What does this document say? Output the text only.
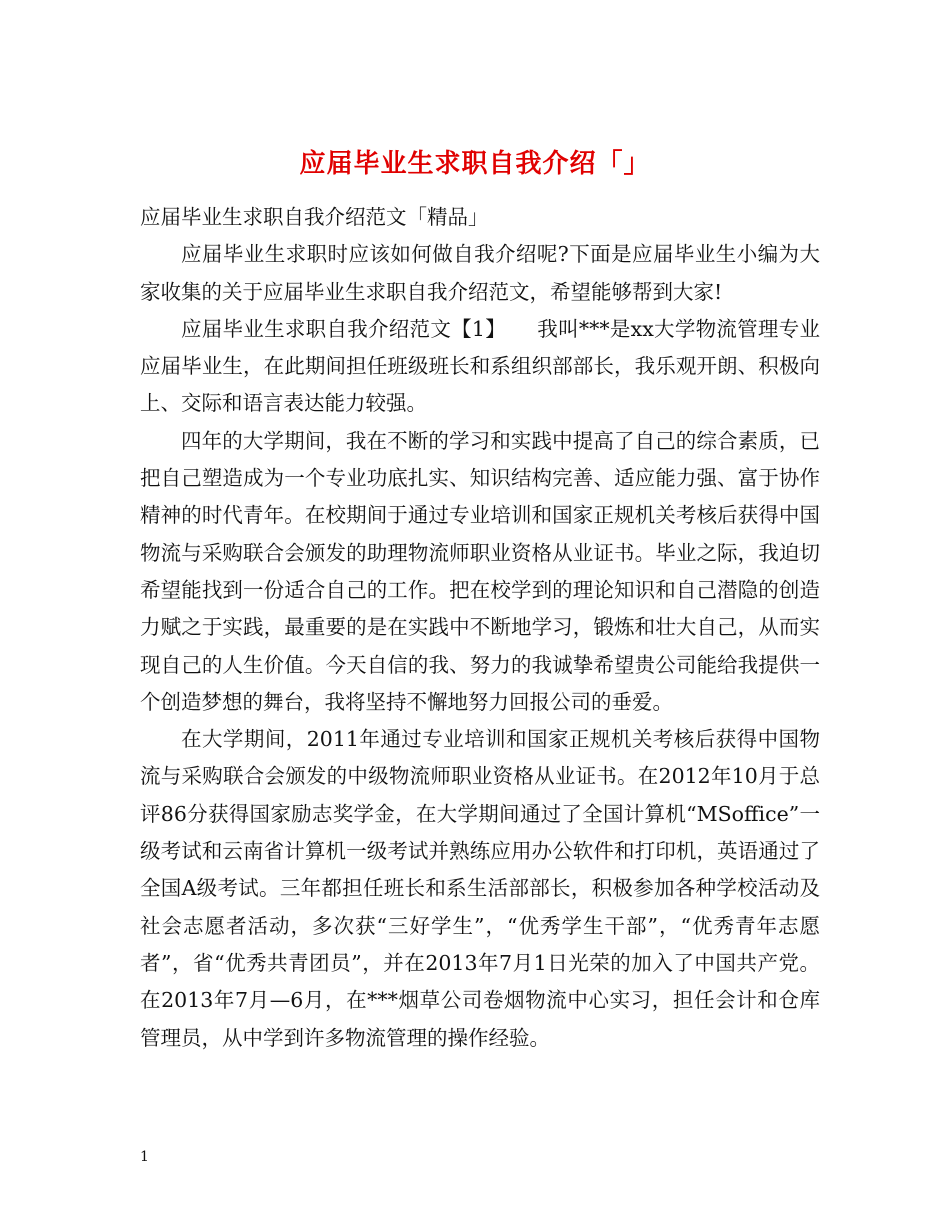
应届毕业生求职自我介绍「」

应届毕业生求职自我介绍范文「精品」

应届毕业生求职时应该如何做自我介绍呢?下面是应届毕业生小编为大家收集的关于应届毕业生求职自我介绍范文，希望能够帮到大家!

应届毕业生求职自我介绍范文【1】　　我叫***是xx大学物流管理专业应届毕业生，在此期间担任班级班长和系组织部部长，我乐观开朗、积极向上、交际和语言表达能力较强。

四年的大学期间，我在不断的学习和实践中提高了自己的综合素质，已把自己塑造成为一个专业功底扎实、知识结构完善、适应能力强、富于协作精神的时代青年。在校期间于通过专业培训和国家正规机关考核后获得中国物流与采购联合会颁发的助理物流师职业资格从业证书。毕业之际，我迫切希望能找到一份适合自己的工作。把在校学到的理论知识和自己潜隐的创造力赋之于实践，最重要的是在实践中不断地学习，锻炼和壮大自己，从而实现自己的人生价值。今天自信的我、努力的我诚挚希望贵公司能给我提供一个创造梦想的舞台，我将坚持不懈地努力回报公司的垂爱。

在大学期间，2011年通过专业培训和国家正规机关考核后获得中国物流与采购联合会颁发的中级物流师职业资格从业证书。在2012年10月于总评86分获得国家励志奖学金，在大学期间通过了全国计算机“MSoffice”一级考试和云南省计算机一级考试并熟练应用办公软件和打印机，英语通过了全国A级考试。三年都担任班长和系生活部部长，积极参加各种学校活动及社会志愿者活动，多次获“三好学生”，“优秀学生干部”，“优秀青年志愿者”，省“优秀共青团员”，并在2013年7月1日光荣的加入了中国共产党。在2013年7月—6月，在***烟草公司卷烟物流中心实习，担任会计和仓库管理员，从中学到许多物流管理的操作经验。

1
